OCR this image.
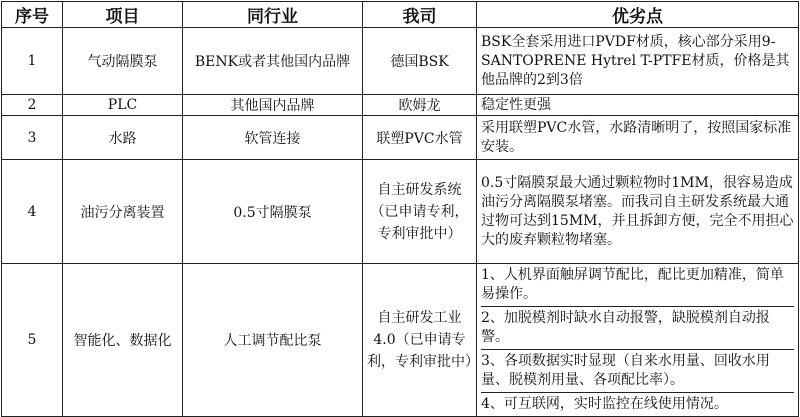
序号	项目	同行业	我司	优劣点
1	气动隔膜泵	BENK或者其他国内品牌	德国BSK	BSK全套采用进口PVDF材质，核心部分采用9-SANTOPRENE Hytrel T-PTFE材质，价格是其他品牌的2到3倍
2	PLC	其他国内品牌	欧姆龙	稳定性更强
3	水路	软管连接	联塑PVC水管	采用联塑PVC水管，水路清晰明了，按照国家标准安装。
4	油污分离装置	0.5寸隔膜泵	自主研发系统（已申请专利，专利审批中）	0.5寸隔膜泵最大通过颗粒物时1MM，很容易造成油污分离隔膜泵堵塞。而我司自主研发系统最大通过物可达到15MM，并且拆卸方便，完全不用担心大的废弃颗粒物堵塞。
5	智能化、数据化	人工调节配比泵	自主研发工业4.0（已申请专利，专利审批中）	1、人机界面触屏调节配比，配比更加精准，简单易操作。
2、加脱模剂时缺水自动报警，缺脱模剂自动报警。
3、各项数据实时显现（自来水用量、回收水用量、脱模剂用量、各项配比率）。
4、可互联网，实时监控在线使用情况。
